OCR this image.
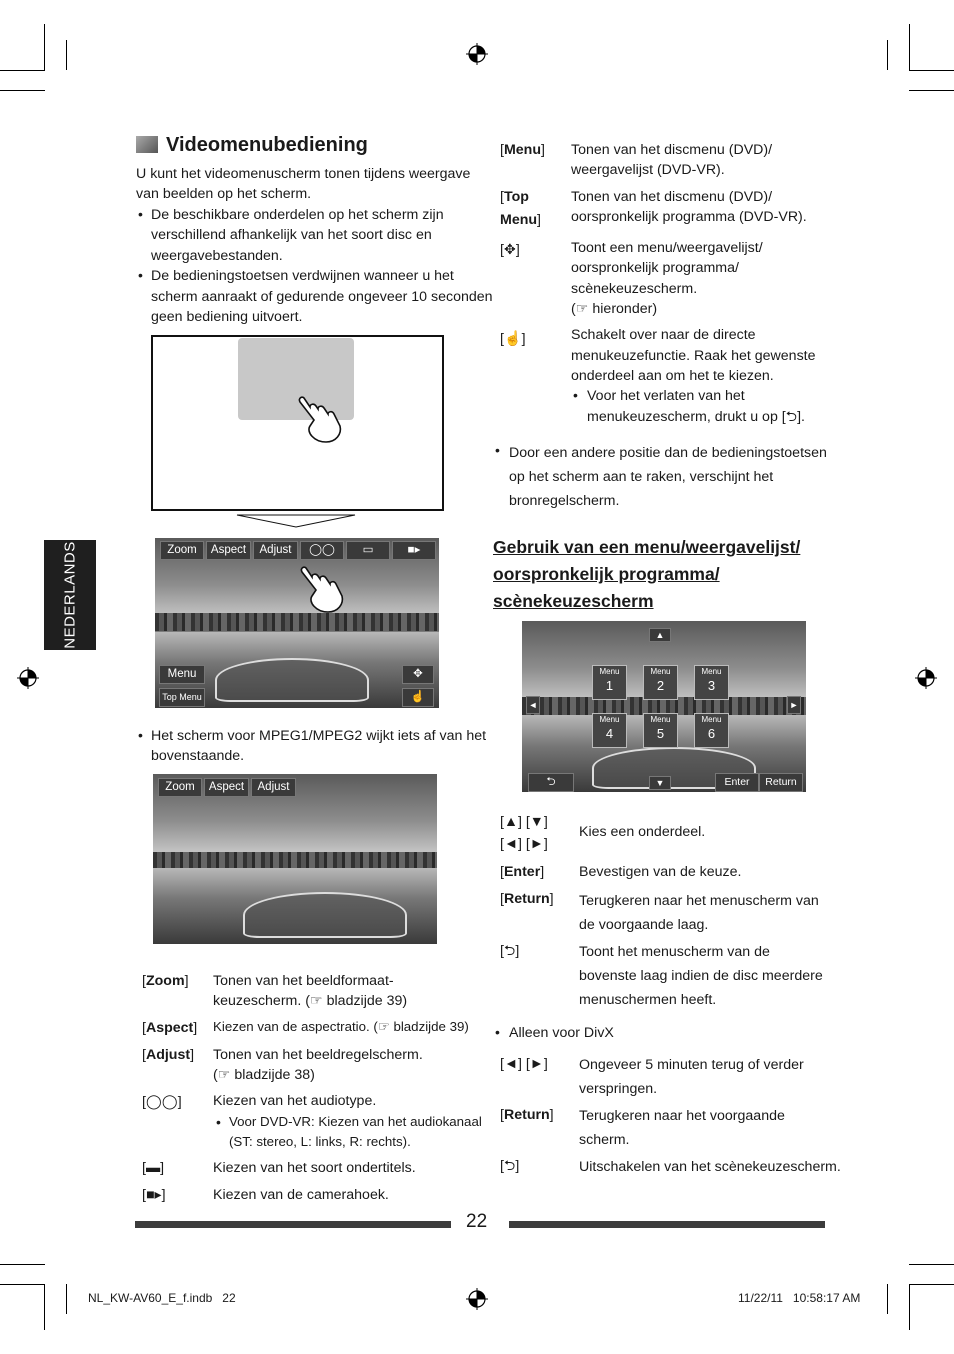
NEDERLANDS
Videomenubediening
U kunt het videomenuscherm tonen tijdens weergave
van beelden op het scherm.
• De beschikbare onderdelen op het scherm zijn
verschillend afhankelijk van het soort disc en
weergavebestanden.
• De bedieningstoetsen verdwijnen wanneer u het
scherm aanraakt of gedurende ongeveer 10 seconden
geen bediening uitvoert.
Zoom	Aspect	Adjust	◯◯	▭	■▸
Menu
Top Menu
✥
☝
• Het scherm voor MPEG1/MPEG2 wijkt iets af van het
bovenstaande.
Zoom	Aspect	Adjust
[Zoom] Tonen van het beeldformaat-
keuzescherm. (☞ bladzijde 39)
[Aspect] Kiezen van de aspectratio. (☞ bladzijde 39)
[Adjust] Tonen van het beeldregelscherm.
(☞ bladzijde 38)
[◯◯] Kiezen van het audiotype.
• Voor DVD-VR: Kiezen van het audiokanaal
(ST: stereo, L: links, R: rechts).
[▬]	Kiezen van het soort ondertitels.
[■▸]	Kiezen van de camerahoek.
[Menu] Tonen van het discmenu (DVD)/
weergavelijst (DVD-VR).
[Top
Menu]
Tonen van het discmenu (DVD)/
oorspronkelijk programma (DVD-VR).
[✥]	Toont een menu/weergavelijst/
oorspronkelijk programma/
scènekeuzescherm.
(☞ hieronder)
[☝]	Schakelt over naar de directe
menukeuzefunctie. Raak het gewenste
onderdeel aan om het te kiezen.
• Voor het verlaten van het
menukeuzescherm, drukt u op [⮌].
• Door een andere positie dan de bedieningstoetsen
op het scherm aan te raken, verschijnt het
bronregelscherm.
Gebruik van een menu/weergavelijst/
oorspronkelijk programma/
scènekeuzescherm
▲
▼
◄	►
Menu
1
Menu
2
Menu
3
Menu
4
Menu
5
Menu
6
⮌	Enter	Return
[▲] [▼]
[◄] [►]
Kies een onderdeel.
[Enter] Bevestigen van de keuze.
[Return] Terugkeren naar het menuscherm van
de voorgaande laag.
[⮌]	Toont het menuscherm van de
bovenste laag indien de disc meerdere
menuschermen heeft.
• Alleen voor DivX
[◄] [►] Ongeveer 5 minuten terug of verder
verspringen.
[Return] Terugkeren naar het voorgaande
scherm.
[⮌]	Uitschakelen van het scènekeuzescherm.
22
NL_KW-AV60_E_f.indb   22	11/22/11   10:58:17 AM
